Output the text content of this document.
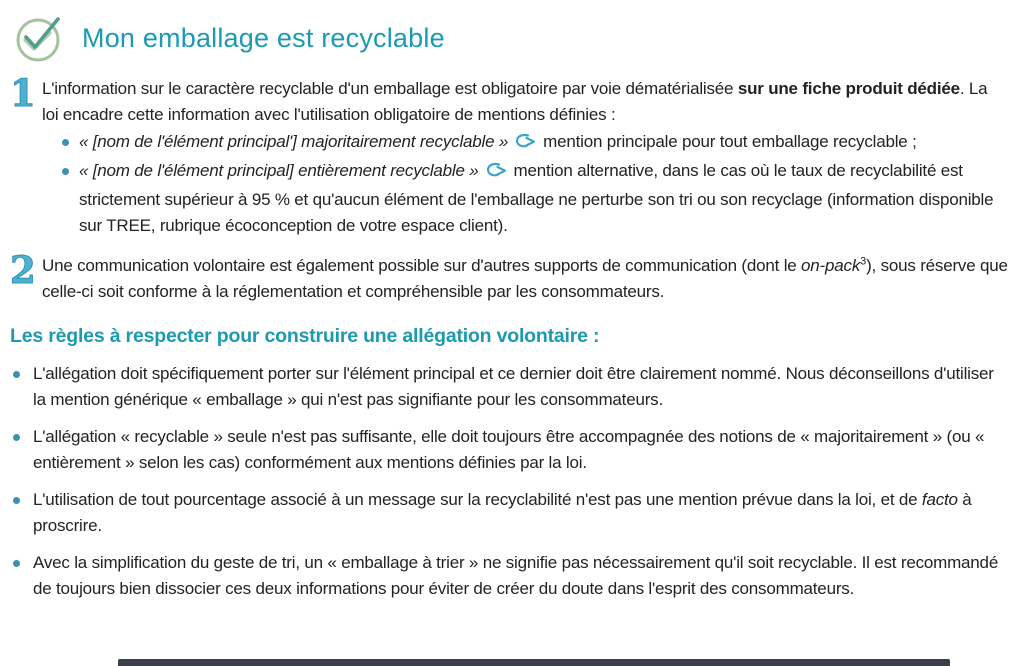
Mon emballage est recyclable
1 L'information sur le caractère recyclable d'un emballage est obligatoire par voie dématérialisée sur une fiche produit dédiée. La loi encadre cette information avec l'utilisation obligatoire de mentions définies :

« [nom de l'élément principal'] majoritairement recyclable » mention principale pour tout emballage recyclable ;
« [nom de l'élément principal] entièrement recyclable » mention alternative, dans le cas où le taux de recyclabilité est strictement supérieur à 95 % et qu'aucun élément de l'emballage ne perturbe son tri ou son recyclage (information disponible sur TREE, rubrique écoconception de votre espace client).
2 Une communication volontaire est également possible sur d'autres supports de communication (dont le on-pack$^3$), sous réserve que celle-ci soit conforme à la réglementation et compréhensible par les consommateurs.

Les règles à respecter pour construire une allégation volontaire :
L'allégation doit spécifiquement porter sur l'élément principal et ce dernier doit être clairement nommé. Nous déconseillons d'utiliser la mention générique « emballage » qui n'est pas signifiante pour les consommateurs.
L'allégation « recyclable » seule n'est pas suffisante, elle doit toujours être accompagnée des notions de « majoritairement » (ou « entièrement » selon les cas) conformément aux mentions définies par la loi.
L'utilisation de tout pourcentage associé à un message sur la recyclabilité n'est pas une mention prévue dans la loi, et de facto à proscrire.
Avec la simplification du geste de tri, un « emballage à trier » ne signifie pas nécessairement qu'il soit recyclable. Il est recommandé de toujours bien dissocier ces deux informations pour éviter de créer du doute dans l'esprit des consommateurs.
